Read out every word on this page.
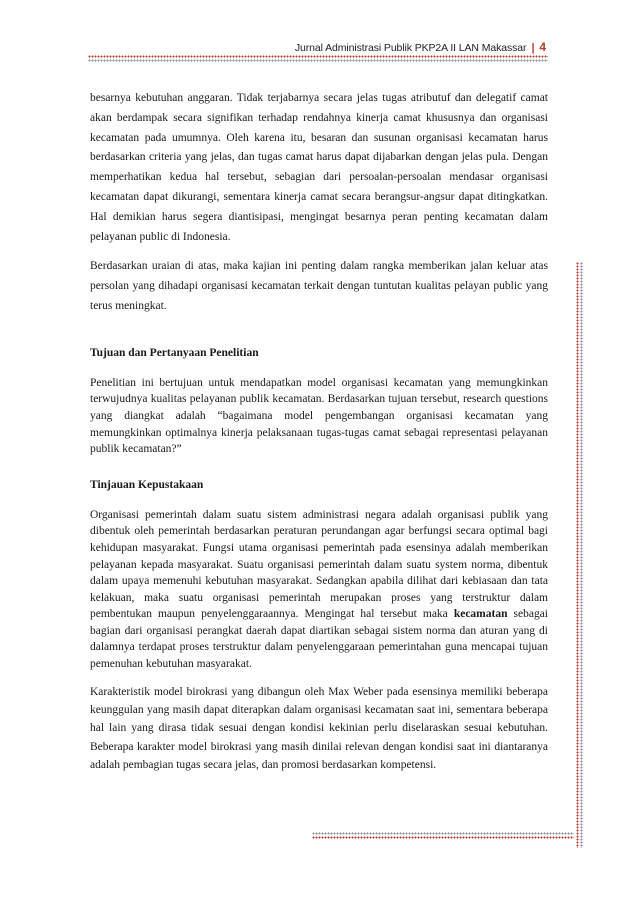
Jurnal Administrasi Publik PKP2A II LAN Makassar | 4

besarnya kebutuhan anggaran. Tidak terjabarnya secara jelas tugas atributuf dan delegatif camat akan berdampak secara signifikan terhadap rendahnya kinerja camat khususnya dan organisasi kecamatan pada umumnya. Oleh karena itu, besaran dan susunan organisasi kecamatan harus berdasarkan criteria yang jelas, dan tugas camat harus dapat dijabarkan dengan jelas pula. Dengan memperhatikan kedua hal tersebut, sebagian dari persoalan-persoalan mendasar organisasi kecamatan dapat dikurangi, sementara kinerja camat secara berangsur-angsur dapat ditingkatkan. Hal demikian harus segera diantisipasi, mengingat besarnya peran penting kecamatan dalam pelayanan public di Indonesia.

Berdasarkan uraian di atas, maka kajian ini penting dalam rangka memberikan jalan keluar atas persolan yang dihadapi organisasi kecamatan terkait dengan tuntutan kualitas pelayan public yang terus meningkat.

Tujuan dan Pertanyaan Penelitian

Penelitian ini bertujuan untuk mendapatkan model organisasi kecamatan yang memungkinkan terwujudnya kualitas pelayanan publik kecamatan. Berdasarkan tujuan tersebut, research questions yang diangkat adalah “bagaimana model pengembangan organisasi kecamatan yang memungkinkan optimalnya kinerja pelaksanaan tugas-tugas camat sebagai representasi pelayanan publik kecamatan?”

Tinjauan Kepustakaan

Organisasi pemerintah dalam suatu sistem administrasi negara adalah organisasi publik yang dibentuk oleh pemerintah berdasarkan peraturan perundangan agar berfungsi secara optimal bagi kehidupan masyarakat. Fungsi utama organisasi pemerintah pada esensinya adalah memberikan pelayanan kepada masyarakat. Suatu organisasi pemerintah dalam suatu system norma, dibentuk dalam upaya memenuhi kebutuhan masyarakat. Sedangkan apabila dilihat dari kebiasaan dan tata kelakuan, maka suatu organisasi pemerintah merupakan proses yang terstruktur dalam pembentukan maupun penyelenggaraannya. Mengingat hal tersebut maka kecamatan sebagai bagian dari organisasi perangkat daerah dapat diartikan sebagai sistem norma dan aturan yang di dalamnya terdapat proses terstruktur dalam penyelenggaraan pemerintahan guna mencapai tujuan pemenuhan kebutuhan masyarakat.

Karakteristik model birokrasi yang dibangun oleh Max Weber pada esensinya memiliki beberapa keunggulan yang masih dapat diterapkan dalam organisasi kecamatan saat ini, sementara beberapa hal lain yang dirasa tidak sesuai dengan kondisi kekinian perlu diselaraskan sesuai kebutuhan. Beberapa karakter model birokrasi yang masih dinilai relevan dengan kondisi saat ini diantaranya adalah pembagian tugas secara jelas, dan promosi berdasarkan kompetensi.
